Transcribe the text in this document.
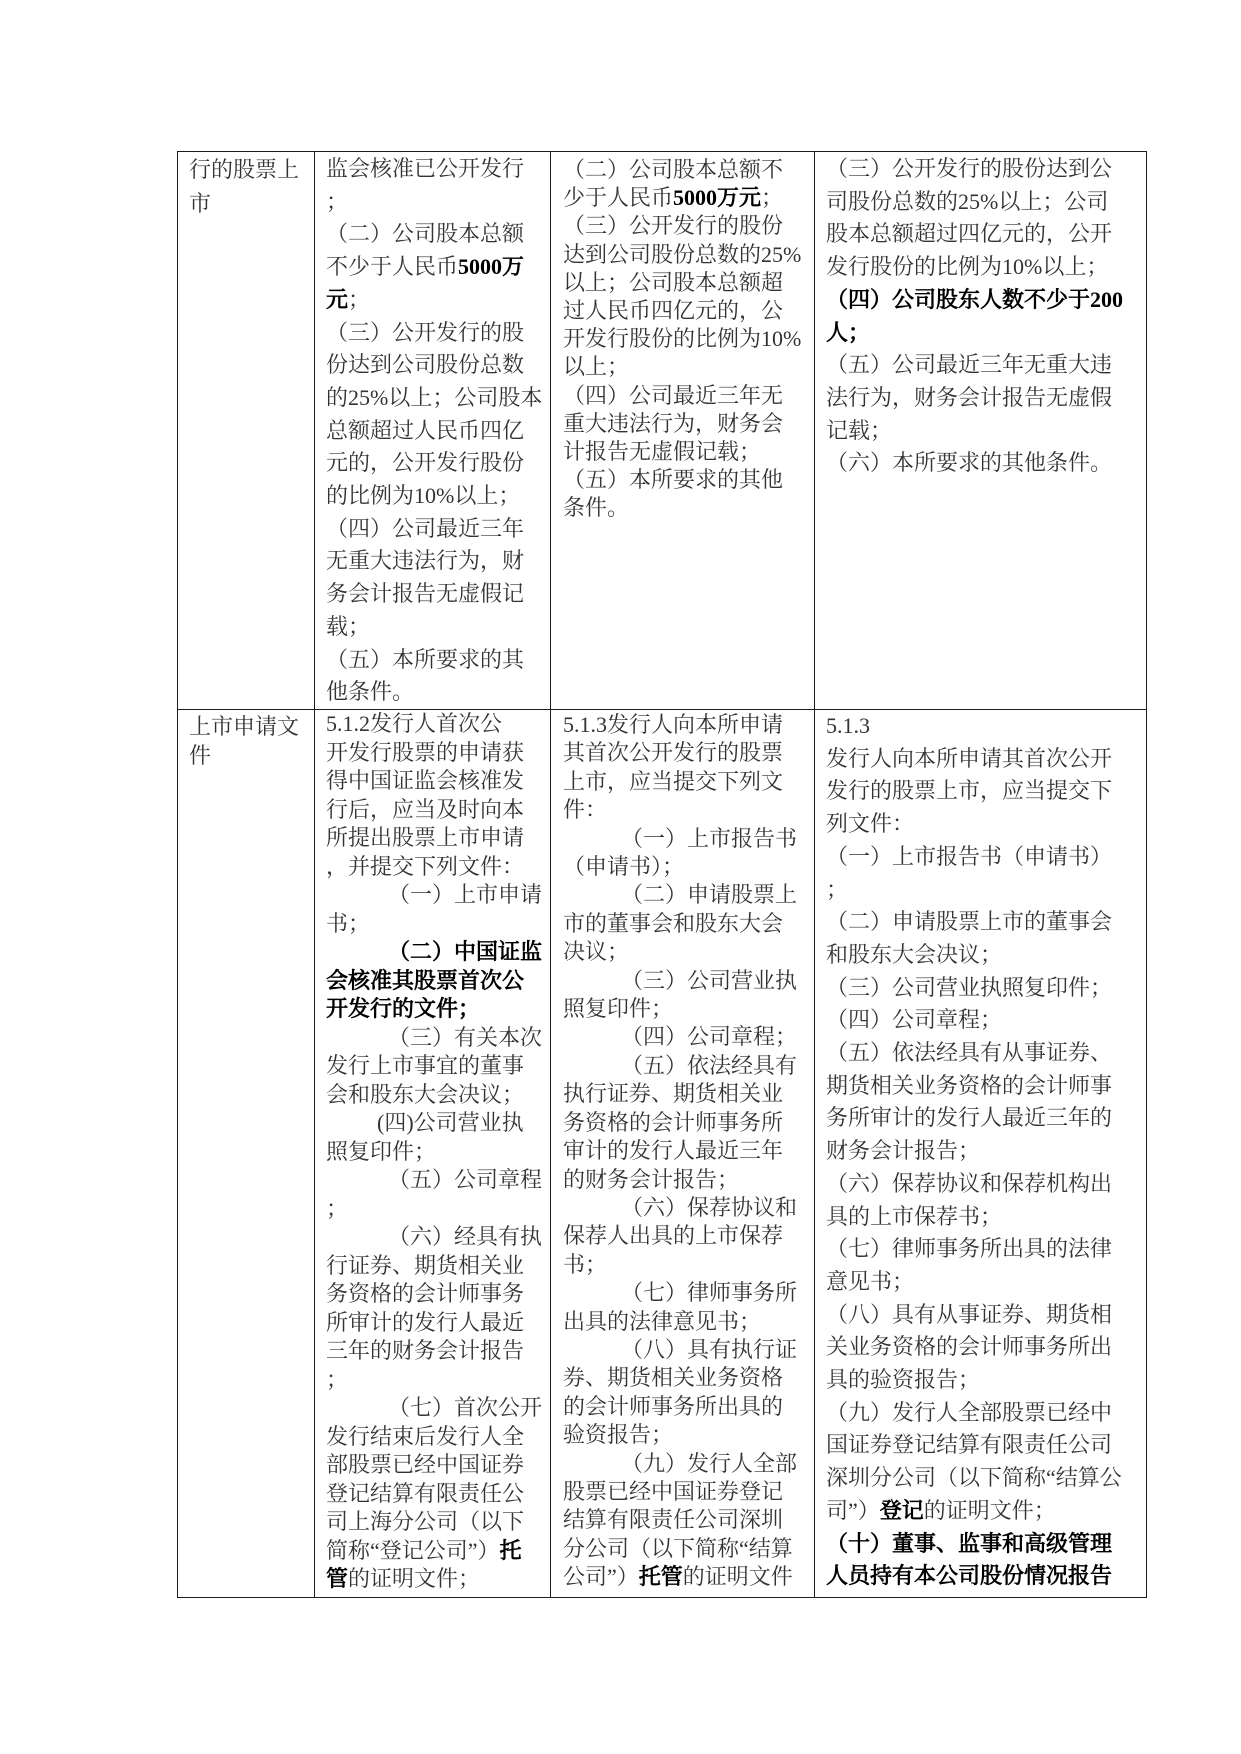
行的股票上
市
监会核准已公开发行
；
（二）公司股本总额
不少于人民币5000万
元；
（三）公开发行的股
份达到公司股份总数
的25%以上；公司股本
总额超过人民币四亿
元的，公开发行股份
的比例为10%以上；
（四）公司最近三年
无重大违法行为，财
务会计报告无虚假记
载；
（五）本所要求的其
他条件。
（二）公司股本总额不
少于人民币5000万元；
（三）公开发行的股份
达到公司股份总数的25%
以上；公司股本总额超
过人民币四亿元的，公
开发行股份的比例为10%
以上；
（四）公司最近三年无
重大违法行为，财务会
计报告无虚假记载；
（五）本所要求的其他
条件。
（三）公开发行的股份达到公
司股份总数的25%以上；公司
股本总额超过四亿元的，公开
发行股份的比例为10%以上；
（四）公司股东人数不少于200
人；
（五）公司最近三年无重大违
法行为，财务会计报告无虚假
记载；
（六）本所要求的其他条件。
上市申请文
件
5.1.2发行人首次公
开发行股票的申请获
得中国证监会核准发
行后，应当及时向本
所提出股票上市申请
，并提交下列文件：
（一）上市申请
书；
（二）中国证监
会核准其股票首次公
开发行的文件；
（三）有关本次
发行上市事宜的董事
会和股东大会决议；
(四)公司营业执
照复印件；
（五）公司章程
；
（六）经具有执
行证券、期货相关业
务资格的会计师事务
所审计的发行人最近
三年的财务会计报告
；
（七）首次公开
发行结束后发行人全
部股票已经中国证券
登记结算有限责任公
司上海分公司（以下
简称“登记公司”）托
管的证明文件；
5.1.3发行人向本所申请
其首次公开发行的股票
上市，应当提交下列文
件：
（一）上市报告书
（申请书）；
（二）申请股票上
市的董事会和股东大会
决议；
（三）公司营业执
照复印件；
（四）公司章程；
（五）依法经具有
执行证券、期货相关业
务资格的会计师事务所
审计的发行人最近三年
的财务会计报告；
（六）保荐协议和
保荐人出具的上市保荐
书；
（七）律师事务所
出具的法律意见书；
（八）具有执行证
券、期货相关业务资格
的会计师事务所出具的
验资报告；
（九）发行人全部
股票已经中国证券登记
结算有限责任公司深圳
分公司（以下简称“结算
公司”）托管的证明文件
5.1.3
发行人向本所申请其首次公开
发行的股票上市，应当提交下
列文件：
（一）上市报告书（申请书）
；
（二）申请股票上市的董事会
和股东大会决议；
（三）公司营业执照复印件；
（四）公司章程；
（五）依法经具有从事证券、
期货相关业务资格的会计师事
务所审计的发行人最近三年的
财务会计报告；
（六）保荐协议和保荐机构出
具的上市保荐书；
（七）律师事务所出具的法律
意见书；
（八）具有从事证券、期货相
关业务资格的会计师事务所出
具的验资报告；
（九）发行人全部股票已经中
国证券登记结算有限责任公司
深圳分公司（以下简称“结算公
司”）登记的证明文件；
（十）董事、监事和高级管理
人员持有本公司股份情况报告
